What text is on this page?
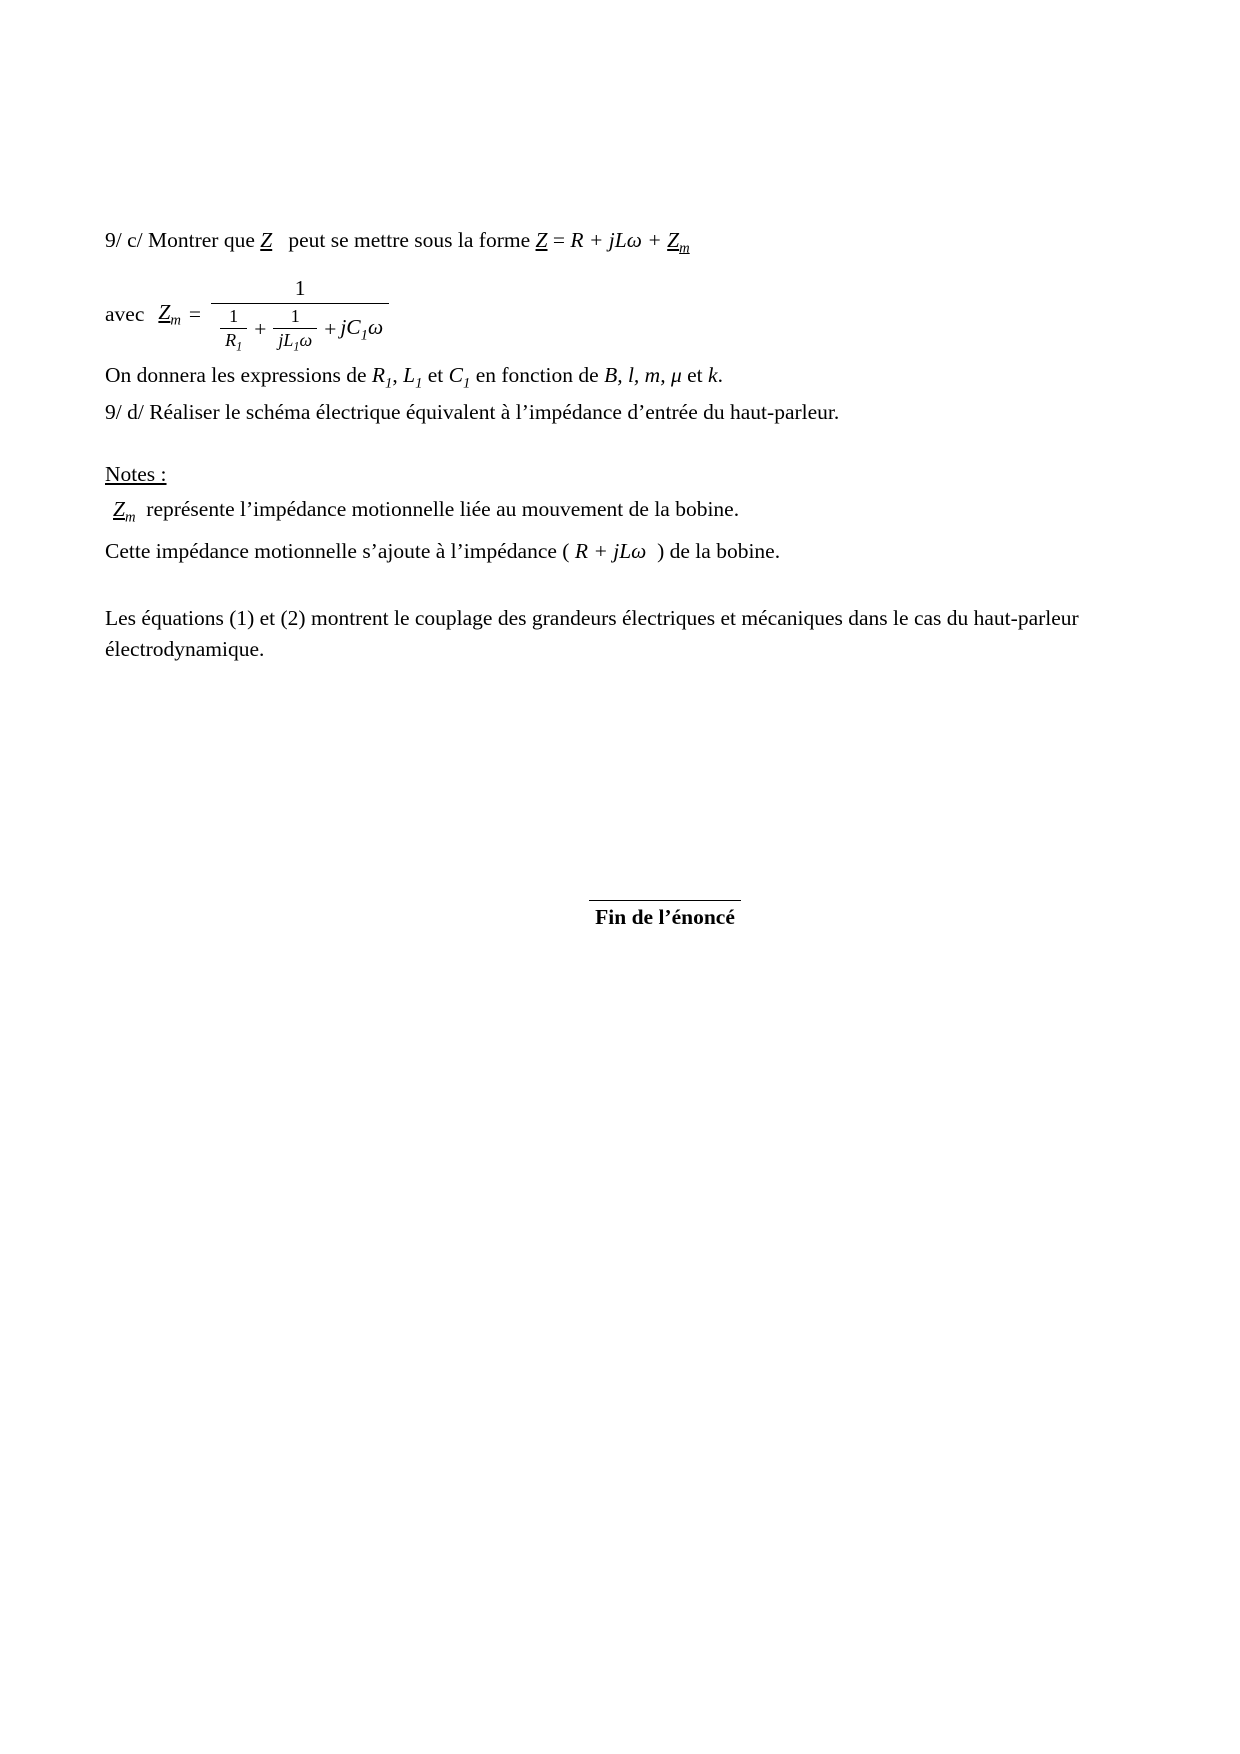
9/ c/ Montrer que Z peut se mettre sous la forme $Z = R + jL\omega + Z_m$
avec $Z_m$ =
1
$\frac{1}{R_1} + \frac{1}{jL_1\omega} + jC_1\omega$
On donnera les expressions de $R_1$, $L_1$ et $C_1$ en fonction de B, l, m, μ et k.
9/ d/ Réaliser le schéma électrique équivalent à l’impédance d’entrée du haut-parleur.
Notes :
$Z_m$ représente l’impédance motionnelle liée au mouvement de la bobine.
Cette impédance motionnelle s’ajoute à l’impédance ( R + jLω ) de la bobine.
Les équations (1) et (2) montrent le couplage des grandeurs électriques et mécaniques dans le cas du haut-parleur électrodynamique.
Fin de l’énoncé
